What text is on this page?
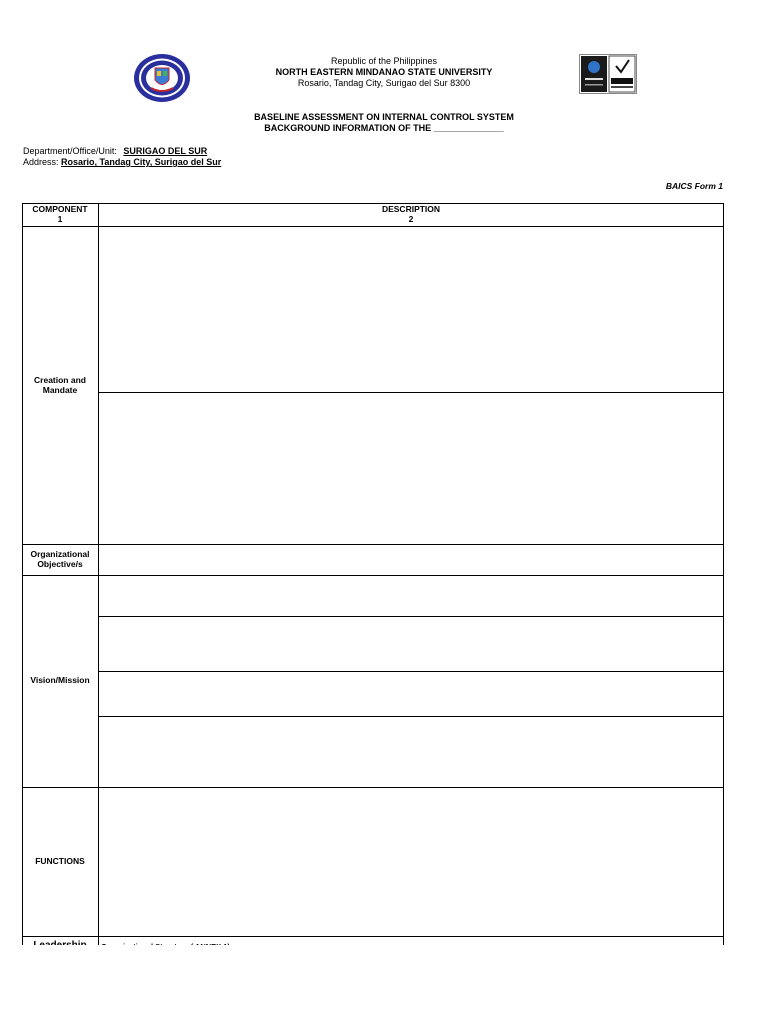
Republic of the Philippines
NORTH EASTERN MINDANAO STATE UNIVERSITY
Rosario, Tandag City, Surigao del Sur 8300
BASELINE ASSESSMENT ON INTERNAL CONTROL SYSTEM
BACKGROUND INFORMATION OF THE ______________
Department/Office/Unit: SURIGAO DEL SUR
Address: Rosario, Tandag City, Surigao del Sur
BAICS Form 1
COMPONENT
1
DESCRIPTION
2
Creation and Mandate
Organizational Objective/s
Vision/Mission
FUNCTIONS
